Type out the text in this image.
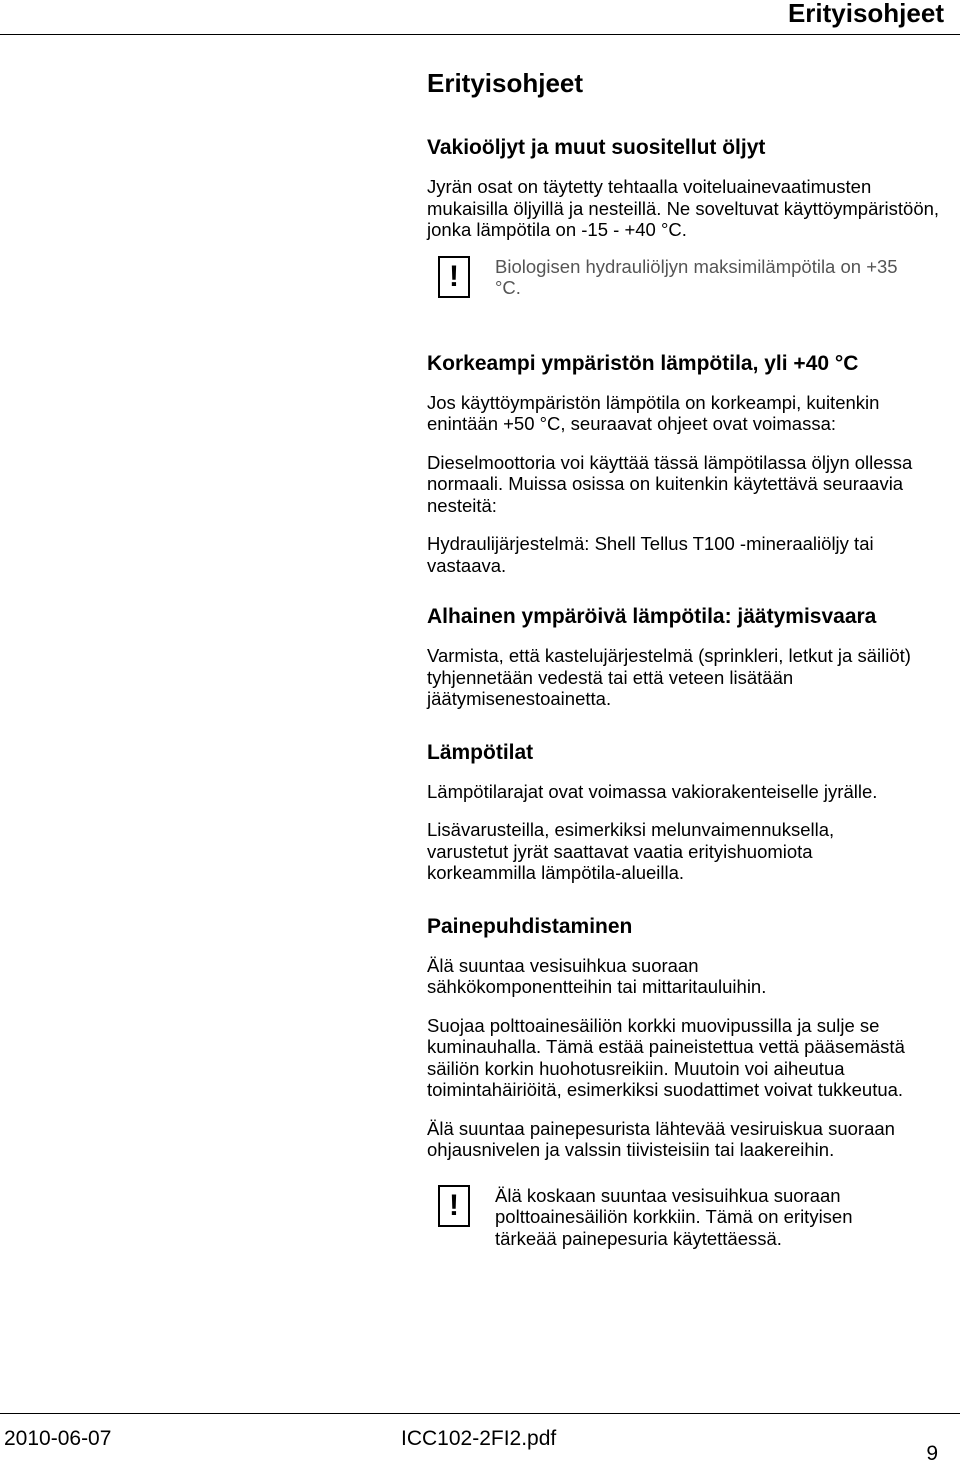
Erityisohjeet
Erityisohjeet
Vakioöljyt ja muut suositellut öljyt

Jyrän osat on täytetty tehtaalla voiteluainevaatimusten mukaisilla öljyillä ja nesteillä. Ne soveltuvat käyttöympäristöön, jonka lämpötila on -15 - +40 °C.

!	Biologisen hydrauliöljyn maksimilämpötila on +35 °C.

Korkeampi ympäristön lämpötila, yli +40 °C

Jos käyttöympäristön lämpötila on korkeampi, kuitenkin enintään +50 °C, seuraavat ohjeet ovat voimassa:

Dieselmoottoria voi käyttää tässä lämpötilassa öljyn ollessa normaali. Muissa osissa on kuitenkin käytettävä seuraavia nesteitä:

Hydraulijärjestelmä: Shell Tellus T100 -mineraaliöljy tai vastaava.

Alhainen ympäröivä lämpötila: jäätymisvaara

Varmista, että kastelujärjestelmä (sprinkleri, letkut ja säiliöt) tyhjennetään vedestä tai että veteen lisätään jäätymisenestoainetta.

Lämpötilat

Lämpötilarajat ovat voimassa vakiorakenteiselle jyrälle.

Lisävarusteilla, esimerkiksi melunvaimennuksella, varustetut jyrät saattavat vaatia erityishuomiota korkeammilla lämpötila-alueilla.

Painepuhdistaminen

Älä suuntaa vesisuihkua suoraan sähkökomponentteihin tai mittaritauluihin.

Suojaa polttoainesäiliön korkki muovipussilla ja sulje se kuminauhalla. Tämä estää paineistettua vettä pääsemästä säiliön korkin huohotusreikiin. Muutoin voi aiheutua toimintahäiriöitä, esimerkiksi suodattimet voivat tukkeutua.

Älä suuntaa painepesurista lähtevää vesiruiskua suoraan ohjausnivelen ja valssin tiivisteisiin tai laakereihin.

!	Älä koskaan suuntaa vesisuihkua suoraan polttoainesäiliön korkkiin. Tämä on erityisen tärkeää painepesuria käytettäessä.

2010-06-07	ICC102-2FI2.pdf
9
